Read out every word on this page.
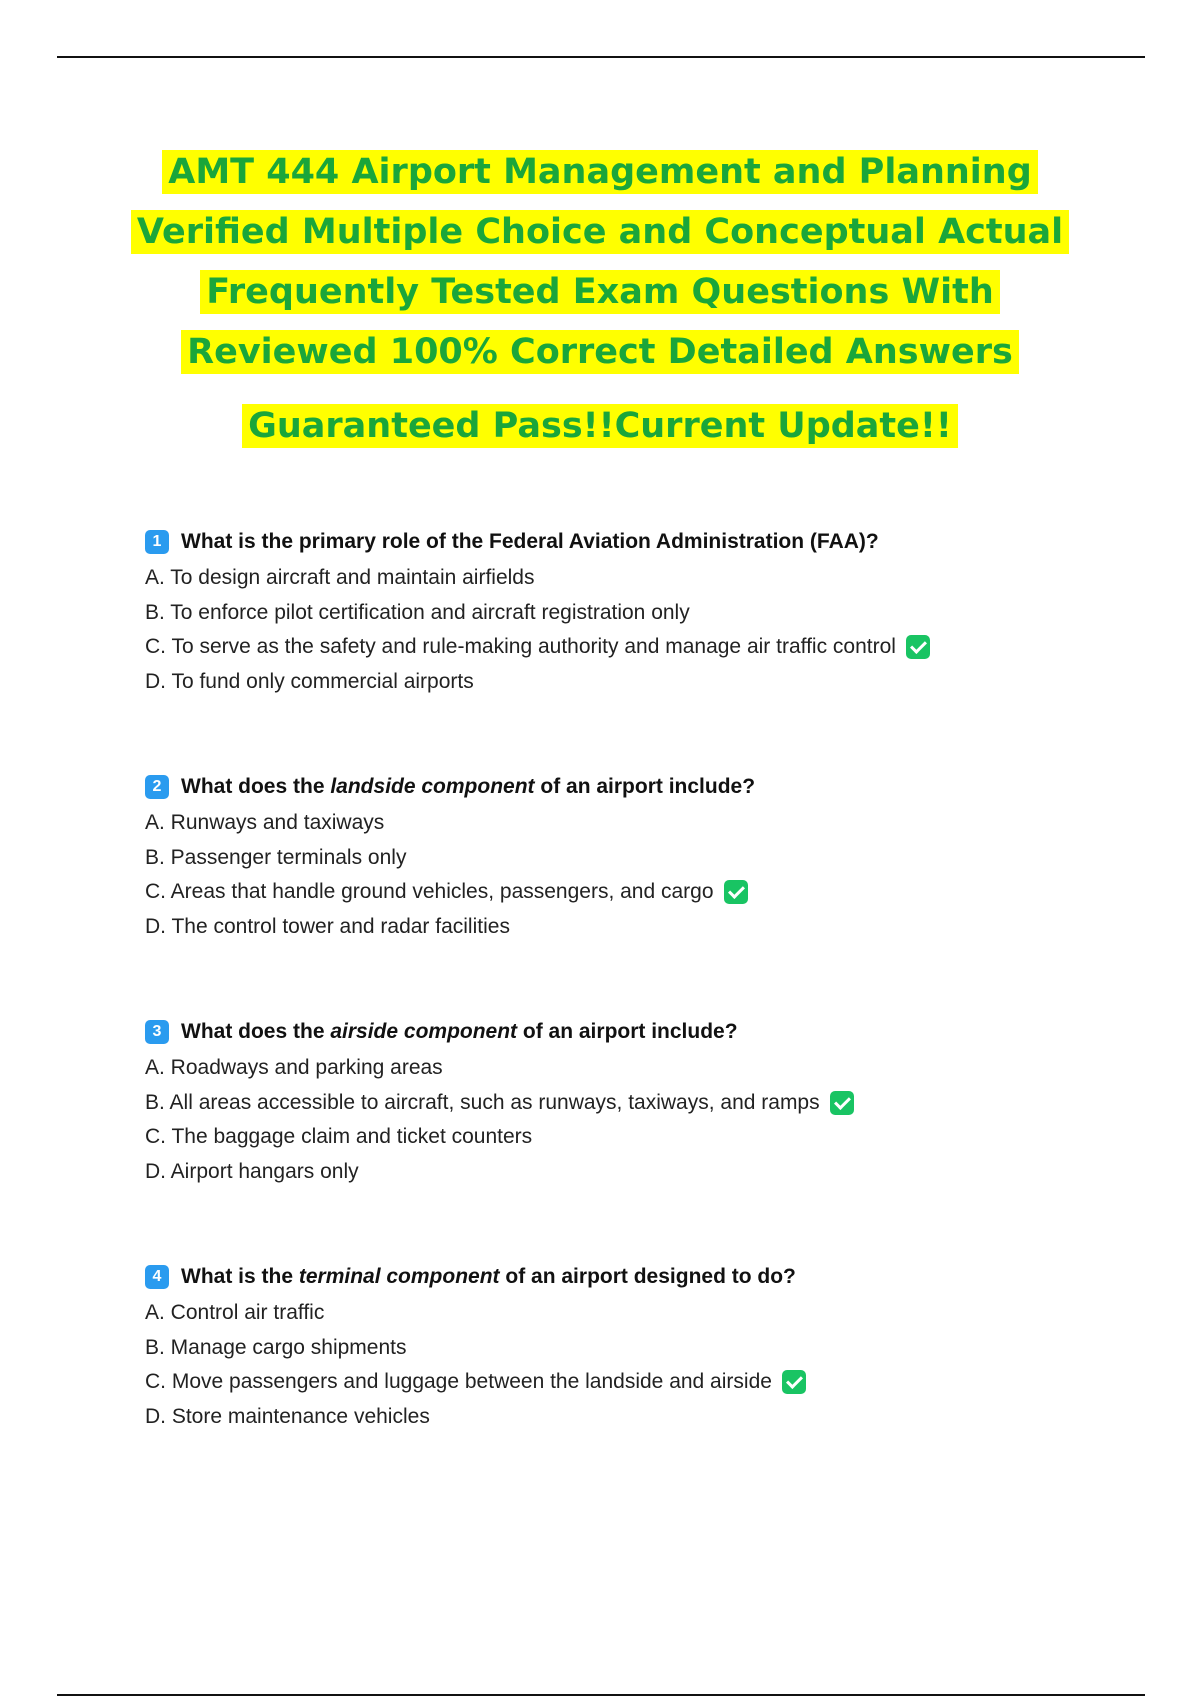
AMT 444 Airport Management and Planning
Verified Multiple Choice and Conceptual Actual
Frequently Tested Exam Questions With
Reviewed 100% Correct Detailed Answers
Guaranteed Pass!!Current Update!!
1 What is the primary role of the Federal Aviation Administration (FAA)?
A. To design aircraft and maintain airfields
B. To enforce pilot certification and aircraft registration only
C. To serve as the safety and rule-making authority and manage air traffic control
D. To fund only commercial airports
2 What does the landside component of an airport include?
A. Runways and taxiways
B. Passenger terminals only
C. Areas that handle ground vehicles, passengers, and cargo
D. The control tower and radar facilities
3 What does the airside component of an airport include?
A. Roadways and parking areas
B. All areas accessible to aircraft, such as runways, taxiways, and ramps
C. The baggage claim and ticket counters
D. Airport hangars only
4 What is the terminal component of an airport designed to do?
A. Control air traffic
B. Manage cargo shipments
C. Move passengers and luggage between the landside and airside
D. Store maintenance vehicles
